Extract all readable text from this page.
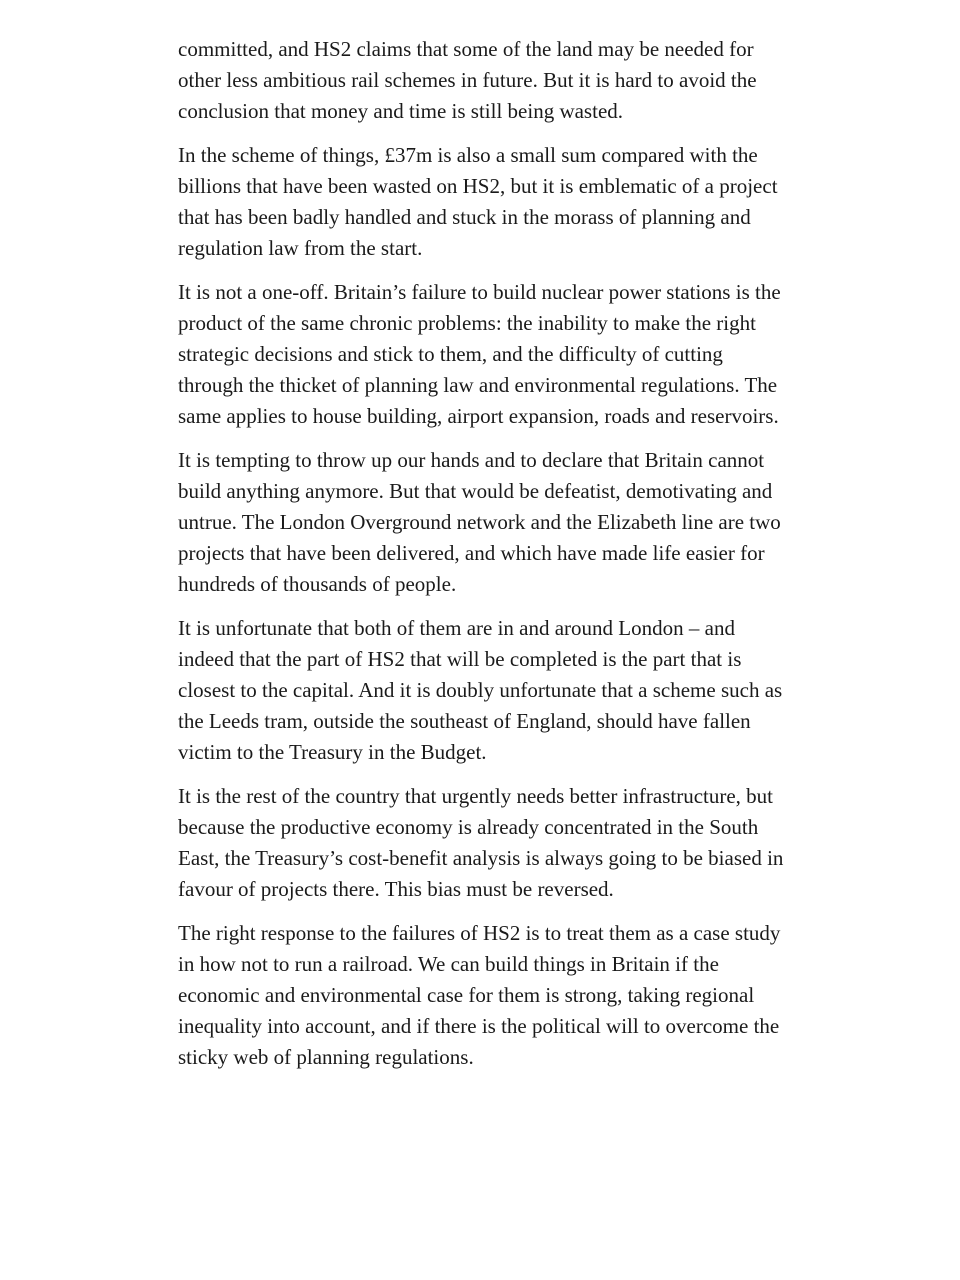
committed, and HS2 claims that some of the land may be needed for other less ambitious rail schemes in future. But it is hard to avoid the conclusion that money and time is still being wasted.

In the scheme of things, £37m is also a small sum compared with the billions that have been wasted on HS2, but it is emblematic of a project that has been badly handled and stuck in the morass of planning and regulation law from the start.

It is not a one-off. Britain’s failure to build nuclear power stations is the product of the same chronic problems: the inability to make the right strategic decisions and stick to them, and the difficulty of cutting through the thicket of planning law and environmental regulations. The same applies to house building, airport expansion, roads and reservoirs.

It is tempting to throw up our hands and to declare that Britain cannot build anything anymore. But that would be defeatist, demotivating and untrue. The London Overground network and the Elizabeth line are two projects that have been delivered, and which have made life easier for hundreds of thousands of people.

It is unfortunate that both of them are in and around London – and indeed that the part of HS2 that will be completed is the part that is closest to the capital. And it is doubly unfortunate that a scheme such as the Leeds tram, outside the southeast of England, should have fallen victim to the Treasury in the Budget.

It is the rest of the country that urgently needs better infrastructure, but because the productive economy is already concentrated in the South East, the Treasury’s cost-benefit analysis is always going to be biased in favour of projects there. This bias must be reversed.

The right response to the failures of HS2 is to treat them as a case study in how not to run a railroad. We can build things in Britain if the economic and environmental case for them is strong, taking regional inequality into account, and if there is the political will to overcome the sticky web of planning regulations.
